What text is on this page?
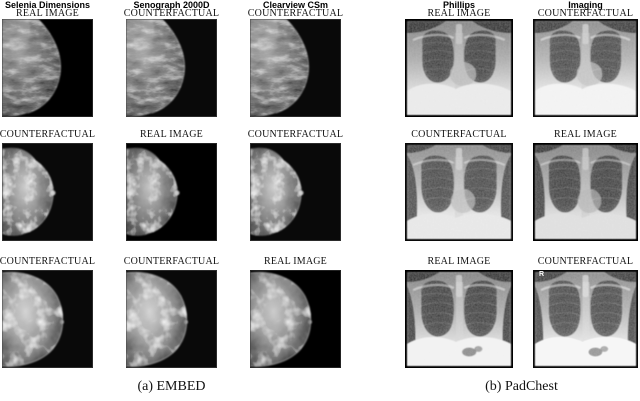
Selenia Dimensions	Senograph 2000D	Clearview CSm
REAL IMAGE	COUNTERFACTUAL	COUNTERFACTUAL
COUNTERFACTUAL	REAL IMAGE	COUNTERFACTUAL
COUNTERFACTUAL	COUNTERFACTUAL	REAL IMAGE
Phillips	Imaging
REAL IMAGE	COUNTERFACTUAL
COUNTERFACTUAL	REAL IMAGE
REAL IMAGE	COUNTERFACTUAL
R
(a) EMBED	(b) PadChest
